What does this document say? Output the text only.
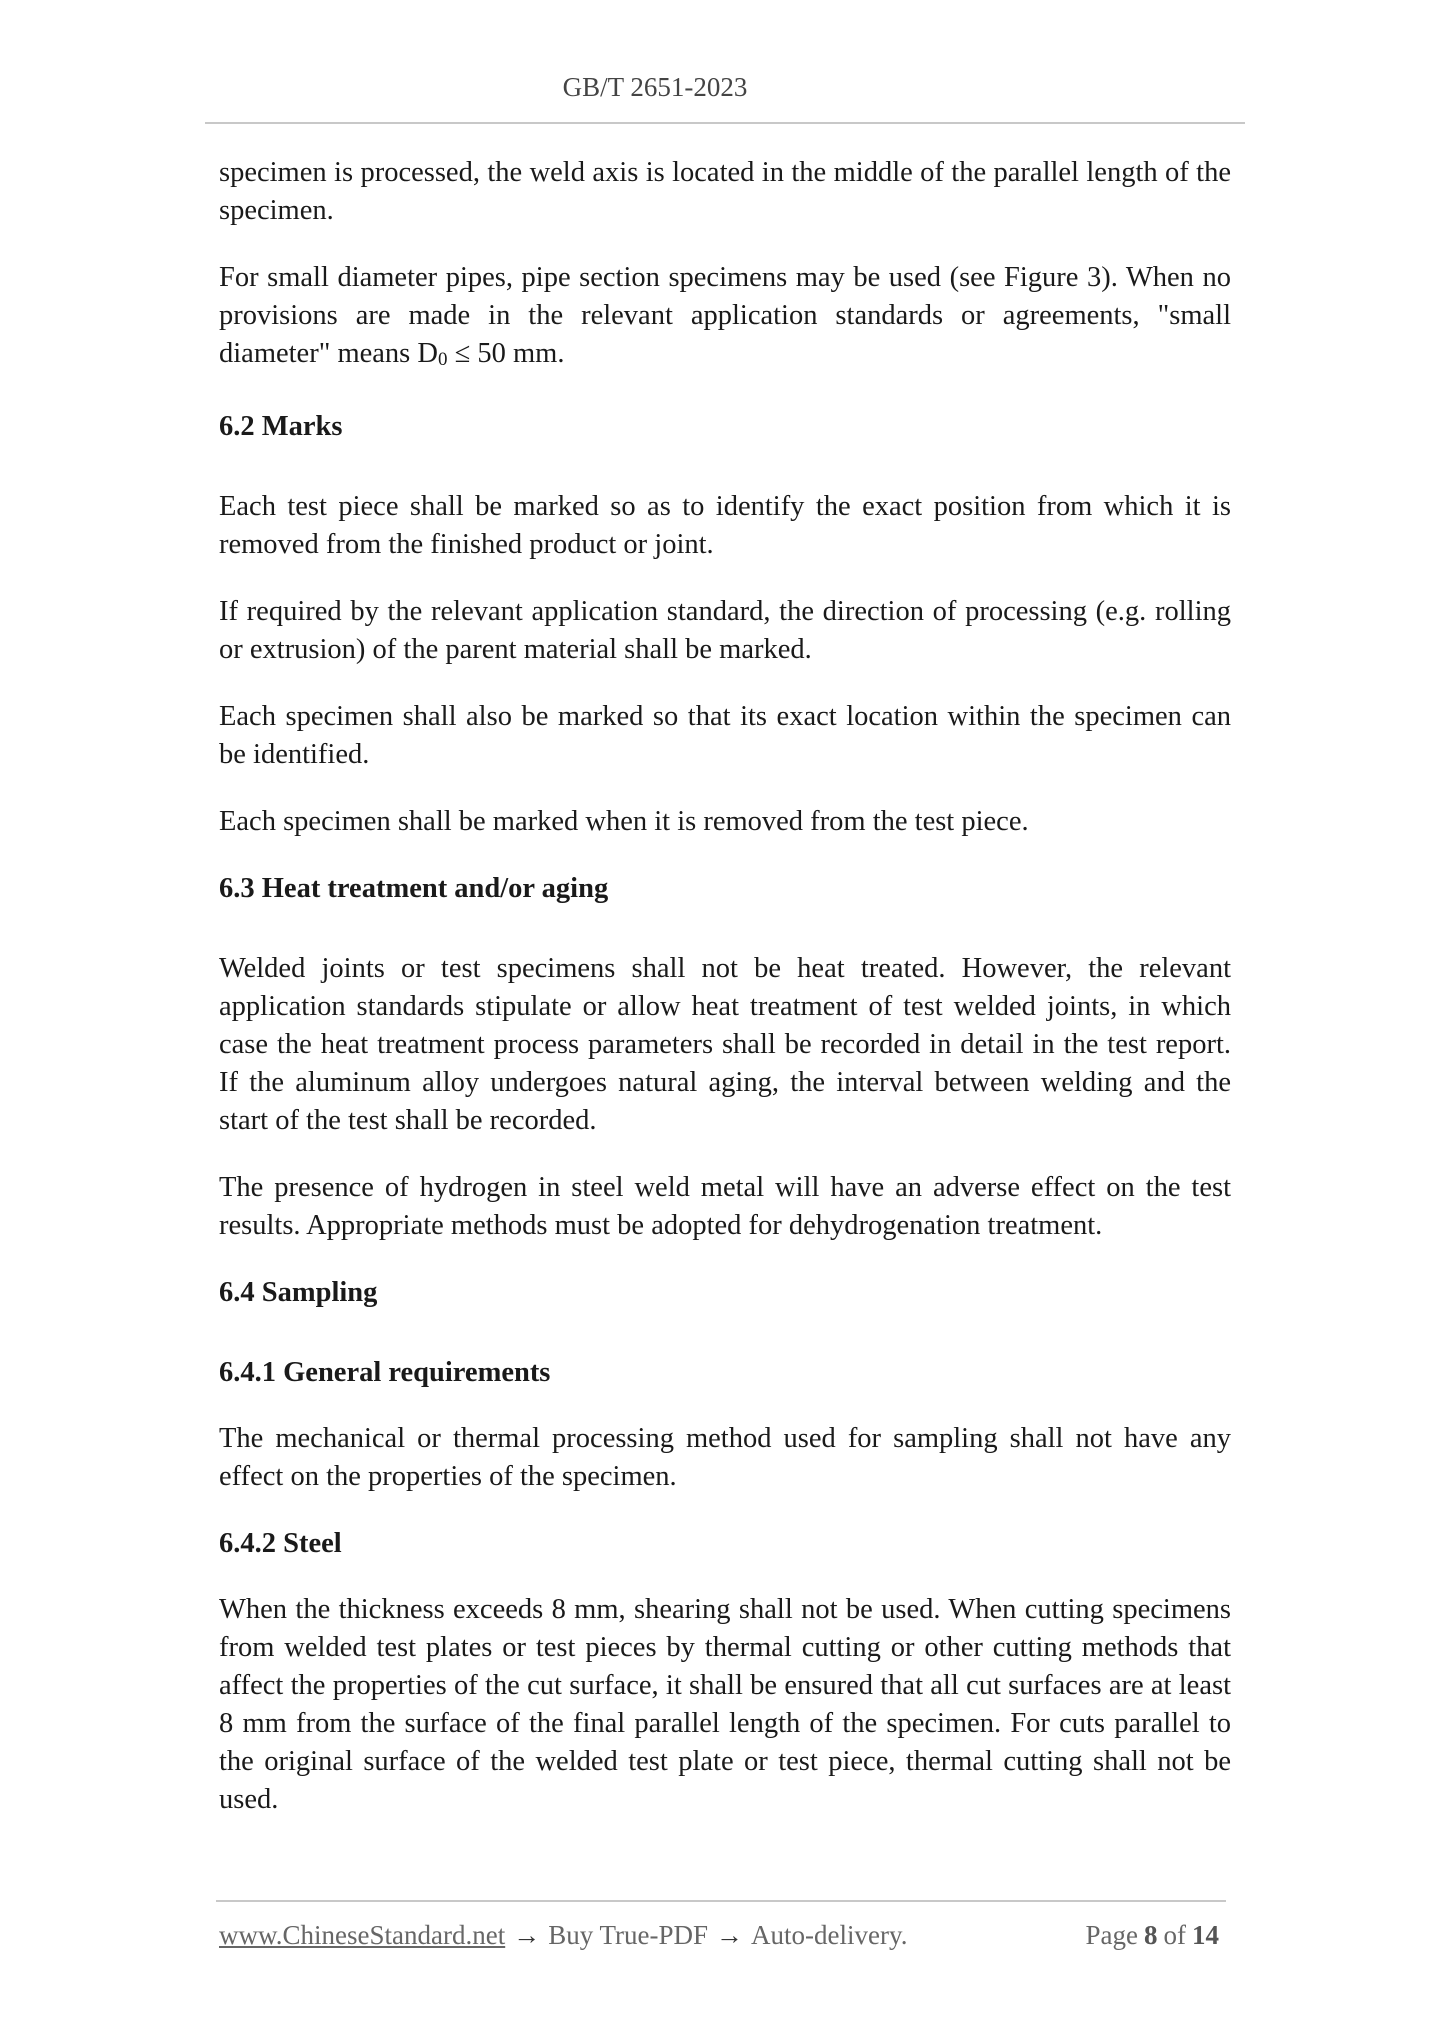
GB/T 2651-2023

specimen is processed, the weld axis is located in the middle of the parallel length of the specimen.

For small diameter pipes, pipe section specimens may be used (see Figure 3). When no provisions are made in the relevant application standards or agreements, "small diameter" means D0 ≤ 50 mm.

6.2 Marks

Each test piece shall be marked so as to identify the exact position from which it is removed from the finished product or joint.

If required by the relevant application standard, the direction of processing (e.g. rolling or extrusion) of the parent material shall be marked.

Each specimen shall also be marked so that its exact location within the specimen can be identified.

Each specimen shall be marked when it is removed from the test piece.

6.3 Heat treatment and/or aging

Welded joints or test specimens shall not be heat treated. However, the relevant application standards stipulate or allow heat treatment of test welded joints, in which case the heat treatment process parameters shall be recorded in detail in the test report. If the aluminum alloy undergoes natural aging, the interval between welding and the start of the test shall be recorded.

The presence of hydrogen in steel weld metal will have an adverse effect on the test results. Appropriate methods must be adopted for dehydrogenation treatment.

6.4 Sampling
6.4.1 General requirements

The mechanical or thermal processing method used for sampling shall not have any effect on the properties of the specimen.

6.4.2 Steel

When the thickness exceeds 8 mm, shearing shall not be used. When cutting specimens from welded test plates or test pieces by thermal cutting or other cutting methods that affect the properties of the cut surface, it shall be ensured that all cut surfaces are at least 8 mm from the surface of the final parallel length of the specimen. For cuts parallel to the original surface of the welded test plate or test piece, thermal cutting shall not be used.

www.ChineseStandard.net → Buy True-PDF → Auto-delivery.	Page 8 of 14
